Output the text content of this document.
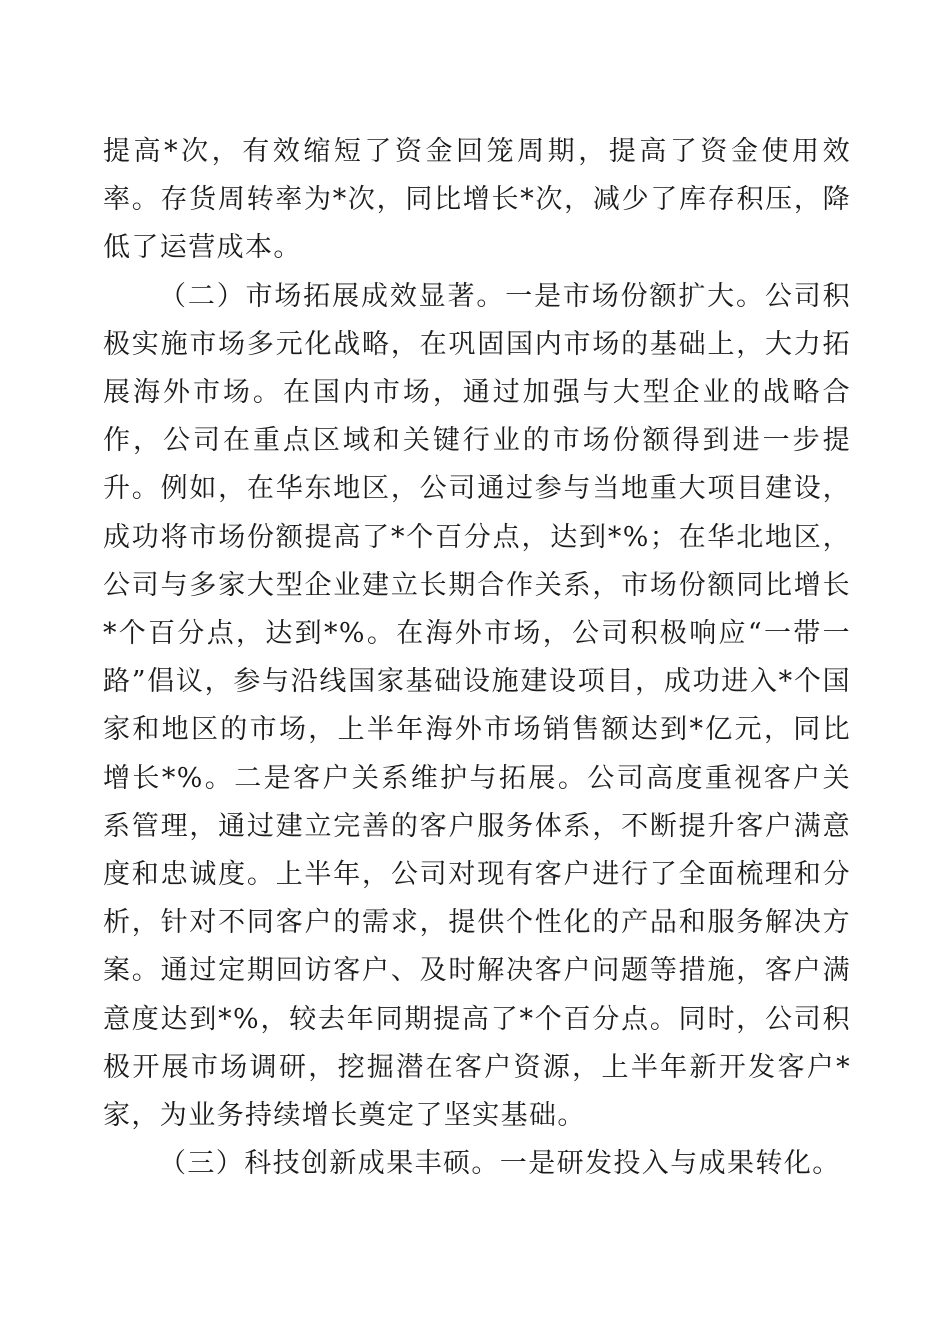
提高*次，有效缩短了资金回笼周期，提高了资金使用效率。存货周转率为*次，同比增长*次，减少了库存积压，降低了运营成本。

（二）市场拓展成效显著。一是市场份额扩大。公司积极实施市场多元化战略，在巩固国内市场的基础上，大力拓展海外市场。在国内市场，通过加强与大型企业的战略合作，公司在重点区域和关键行业的市场份额得到进一步提升。例如，在华东地区，公司通过参与当地重大项目建设，成功将市场份额提高了*个百分点，达到*%；在华北地区，公司与多家大型企业建立长期合作关系，市场份额同比增长*个百分点，达到*%。在海外市场，公司积极响应“一带一路”倡议，参与沿线国家基础设施建设项目，成功进入*个国家和地区的市场，上半年海外市场销售额达到*亿元，同比增长*%。二是客户关系维护与拓展。公司高度重视客户关系管理，通过建立完善的客户服务体系，不断提升客户满意度和忠诚度。上半年，公司对现有客户进行了全面梳理和分析，针对不同客户的需求，提供个性化的产品和服务解决方案。通过定期回访客户、及时解决客户问题等措施，客户满意度达到*%，较去年同期提高了*个百分点。同时，公司积极开展市场调研，挖掘潜在客户资源，上半年新开发客户*家，为业务持续增长奠定了坚实基础。

（三）科技创新成果丰硕。一是研发投入与成果转化。
